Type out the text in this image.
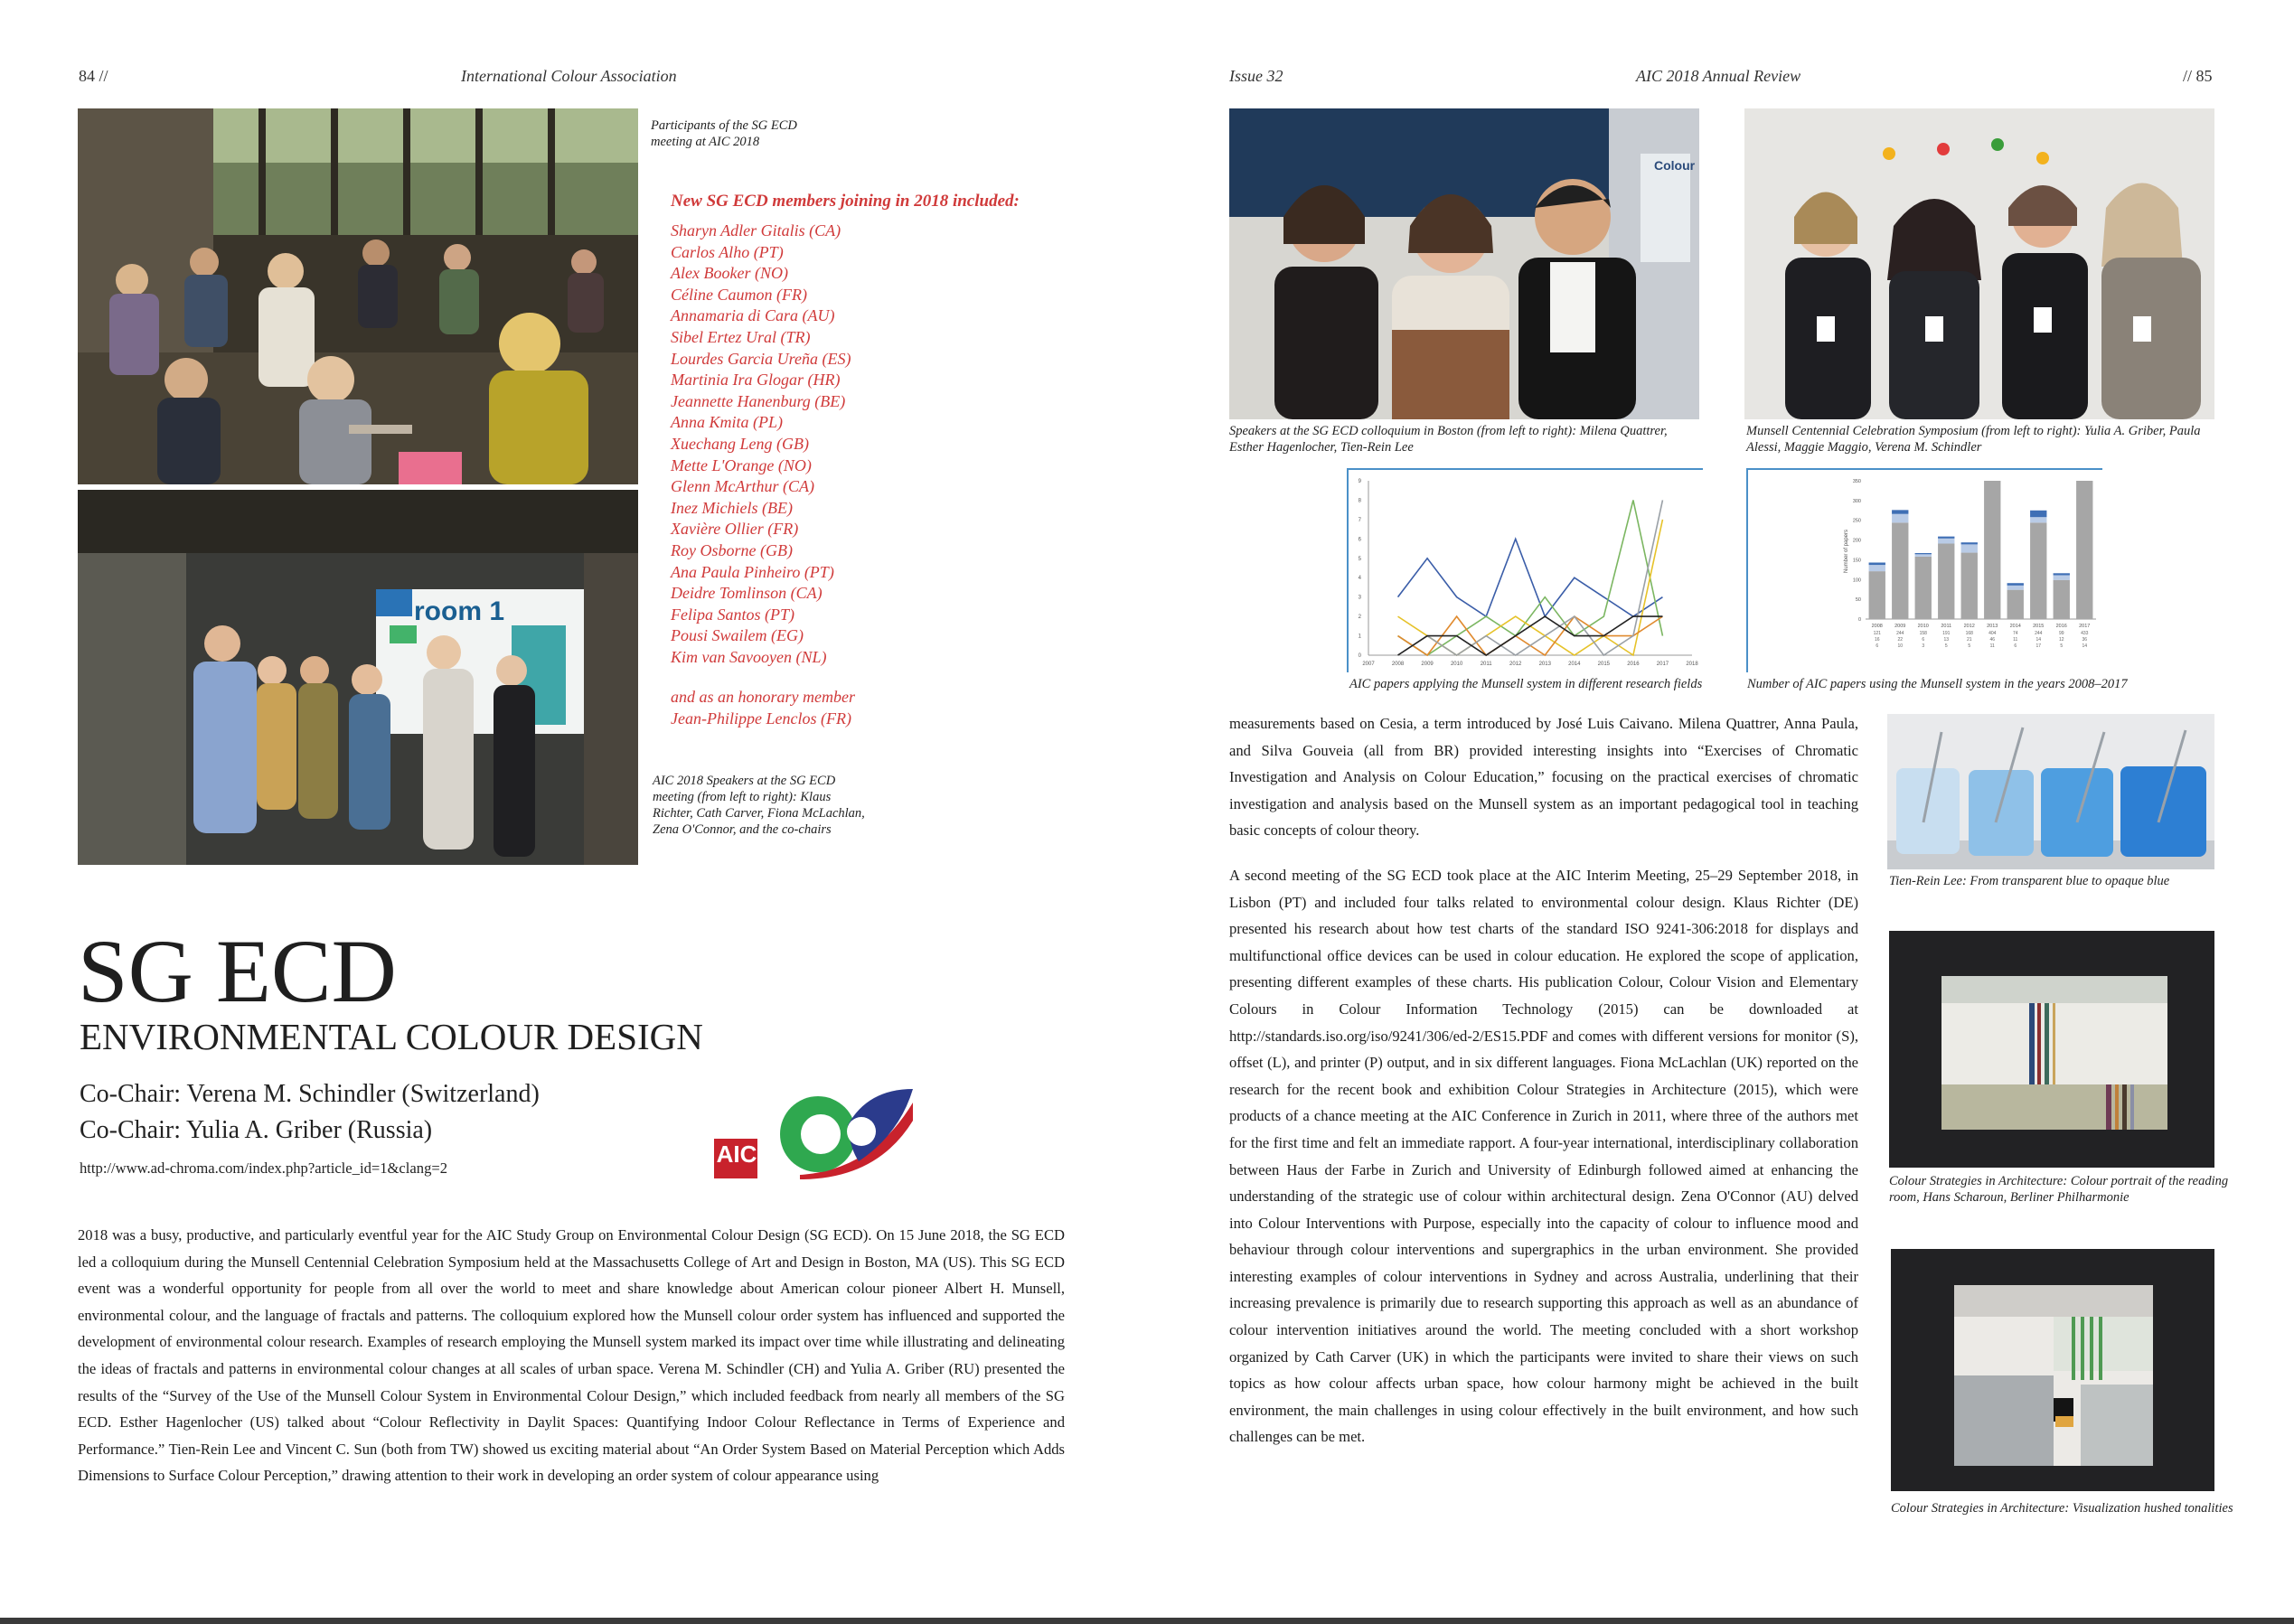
84 //	International Colour Association
Participants of the SG ECD meeting at AIC 2018
New SG ECD members joining in 2018 included:
Sharyn Adler Gitalis (CA)
Carlos Alho (PT)
Alex Booker (NO)
Céline Caumon (FR)
Annamaria di Cara (AU)
Sibel Ertez Ural (TR)
Lourdes Garcia Ureña (ES)
Martinia Ira Glogar (HR)
Jeannette Hanenburg (BE)
Anna Kmita (PL)
Xuechang Leng (GB)
Mette L'Orange (NO)
Glenn McArthur (CA)
Inez Michiels (BE)
Xavière Ollier (FR)
Roy Osborne (GB)
Ana Paula Pinheiro (PT)
Deidre Tomlinson (CA)
Felipa Santos (PT)
Pousi Swailem (EG)
Kim van Savooyen (NL)
and as an honorary member
Jean-Philippe Lenclos (FR)
room 1
AIC 2018 Speakers at the SG ECD meeting (from left to right): Klaus Richter, Cath Carver, Fiona McLachlan, Zena O'Connor, and the co-chairs
SG ECD
ENVIRONMENTAL COLOUR DESIGN
Co-Chair: Verena M. Schindler (Switzerland)
Co-Chair: Yulia A. Griber (Russia)
http://www.ad-chroma.com/index.php?article_id=1&clang=2
AIC

2018 was a busy, productive, and particularly eventful year for the AIC Study Group on Environmental Colour Design (SG ECD). On 15 June 2018, the SG ECD led a colloquium during the Munsell Centennial Celebration Symposium held at the Massachusetts College of Art and Design in Boston, MA (US). This SG ECD event was a wonderful opportunity for people from all over the world to meet and share knowledge about American colour pioneer Albert H. Munsell, environmental colour, and the language of fractals and patterns. The colloquium explored how the Munsell colour order system has influenced and supported the development of environmental colour research. Examples of research employing the Munsell system marked its impact over time while illustrating and delineating the ideas of fractals and patterns in environmental colour changes at all scales of urban space. Verena M. Schindler (CH) and Yulia A. Griber (RU) presented the results of the “Survey of the Use of the Munsell Colour System in Environmental Colour Design,” which included feedback from nearly all members of the SG ECD. Esther Hagenlocher (US) talked about “Colour Reflectivity in Daylit Spaces: Quantifying Indoor Colour Reflectance in Terms of Experience and Performance.” Tien-Rein Lee and Vincent C. Sun (both from TW) showed us exciting material about “An Order System Based on Material Perception which Adds Dimensions to Surface Colour Perception,” drawing attention to their work in developing an order system of colour appearance using

Issue 32	AIC 2018 Annual Review	// 85
Colour
Speakers at the SG ECD colloquium in Boston (from left to right): Milena Quattrer, Esther Hagenlocher, Tien-Rein Lee
Munsell Centennial Celebration Symposium (from left to right): Yulia A. Griber, Paula Alessi, Maggie Maggio, Verena M. Schindler
2007	2008	2009	2010	2011	2012	2013	2014	2015	2016	2017	2018
0
1
2
3
4
5
6
7
8
9
AIC papers applying the Munsell system in different research fields
Number of papers
0
50
100
150
200
250
300
350
2008
121
16
6
2009
244
22
10
2010
158
6
3
2011
191
13
5
2012
168
21
5
2013
404
46
11
2014
74
11
6
2015
244
14
17
2016
99
12
5
2017
433
36
14
Number of AIC papers using the Munsell system in the years 2008–2017

measurements based on Cesia, a term introduced by José Luis Caivano. Milena Quattrer, Anna Paula, and Silva Gouveia (all from BR) provided interesting insights into “Exercises of Chromatic Investigation and Analysis on Colour Education,” focusing on the practical exercises of chromatic investigation and analysis based on the Munsell system as an important pedagogical tool in teaching basic concepts of colour theory.

A second meeting of the SG ECD took place at the AIC Interim Meeting, 25–29 September 2018, in Lisbon (PT) and included four talks related to environmental colour design. Klaus Richter (DE) presented his research about how test charts of the standard ISO 9241-306:2018 for displays and multifunctional office devices can be used in colour education. He explored the scope of application, presenting different examples of these charts. His publication Colour, Colour Vision and Elementary Colours in Colour Information Technology (2015) can be downloaded at http://standards.iso.org/iso/9241/306/ed-2/ES15.PDF and comes with different versions for monitor (S), offset (L), and printer (P) output, and in six different languages. Fiona McLachlan (UK) reported on the research for the recent book and exhibition Colour Strategies in Architecture (2015), which were products of a chance meeting at the AIC Conference in Zurich in 2011, where three of the authors met for the first time and felt an immediate rapport. A four-year international, interdisciplinary collaboration between Haus der Farbe in Zurich and University of Edinburgh followed aimed at enhancing the understanding of the strategic use of colour within architectural design. Zena O'Connor (AU) delved into Colour Interventions with Purpose, especially into the capacity of colour to influence mood and behaviour through colour interventions and supergraphics in the urban environment. She provided interesting examples of colour interventions in Sydney and across Australia, underlining that their increasing prevalence is primarily due to research supporting this approach as well as an abundance of colour intervention initiatives around the world. The meeting concluded with a short workshop organized by Cath Carver (UK) in which the participants were invited to share their views on such topics as how colour affects urban space, how colour harmony might be achieved in the built environment, the main challenges in using colour effectively in the built environment, and how such challenges can be met.

Tien-Rein Lee: From transparent blue to opaque blue
Colour Strategies in Architecture: Colour portrait of the reading room, Hans Scharoun, Berliner Philharmonie
Colour Strategies in Architecture: Visualization hushed tonalities
